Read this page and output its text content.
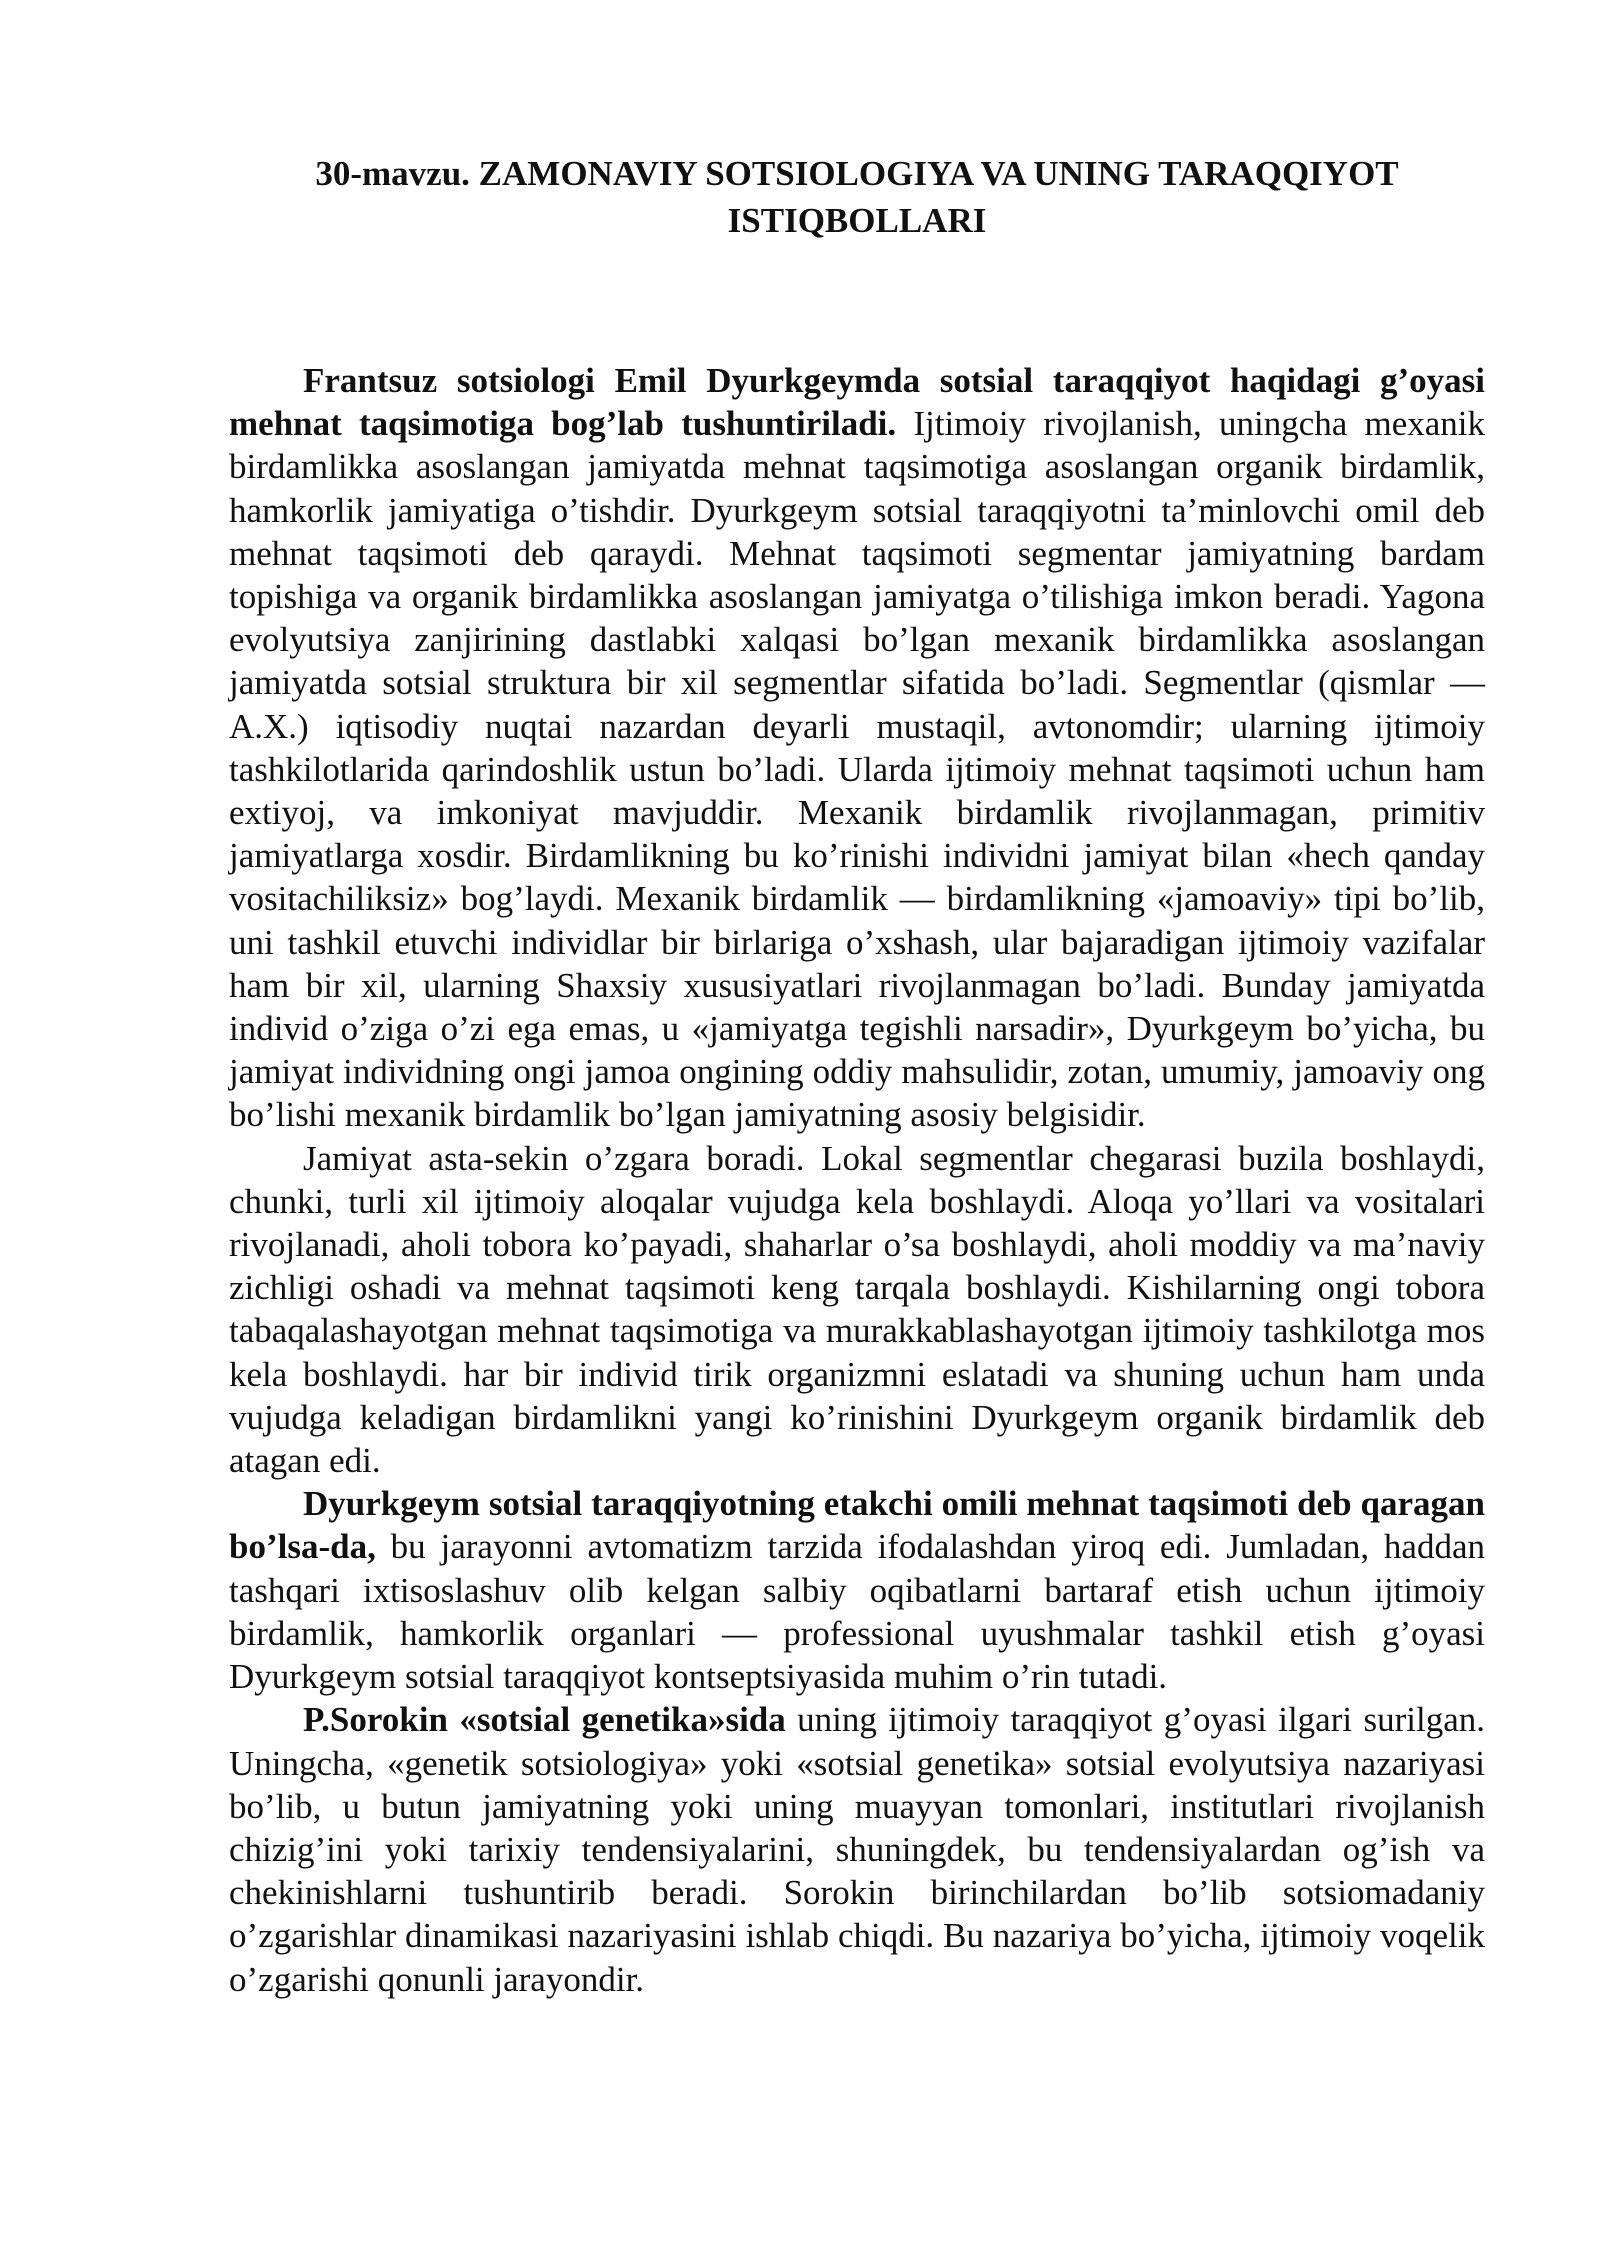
30-mavzu. ZAMONAVIY SOTSIOLOGIYA VA UNING TARAQQIYOT
ISTIQBOLLARI

Frantsuz sotsiologi Emil Dyurkgeymda sotsial taraqqiyot haqidagi g’oyasi mehnat taqsimotiga bog’lab tushuntiriladi. Ijtimoiy rivojlanish, uningcha mexanik birdamlikka asoslangan jamiyatda mehnat taqsimotiga asoslangan organik birdamlik, hamkorlik jamiyatiga o’tishdir. Dyurkgeym sotsial taraqqiyotni ta’minlovchi omil deb mehnat taqsimoti deb qaraydi. Mehnat taqsimoti segmentar jamiyatning bardam topishiga va organik birdamlikka asoslangan jamiyatga o’tilishiga imkon beradi. Yagona evolyutsiya zanjirining dastlabki xalqasi bo’lgan mexanik birdamlikka asoslangan jamiyatda sotsial struktura bir xil segmentlar sifatida bo’ladi. Segmentlar (qismlar — A.X.) iqtisodiy nuqtai nazardan deyarli mustaqil, avtonomdir; ularning ijtimoiy tashkilotlarida qarindoshlik ustun bo’ladi. Ularda ijtimoiy mehnat taqsimoti uchun ham extiyoj, va imkoniyat mavjuddir. Mexanik birdamlik rivojlanmagan, primitiv jamiyatlarga xosdir. Birdamlikning bu ko’rinishi individni jamiyat bilan «hech qanday vositachiliksiz» bog’laydi. Mexanik birdamlik — birdamlikning «jamoaviy» tipi bo’lib, uni tashkil etuvchi individlar bir birlariga o’xshash, ular bajaradigan ijtimoiy vazifalar ham bir xil, ularning Shaxsiy xususiyatlari rivojlanmagan bo’ladi. Bunday jamiyatda individ o’ziga o’zi ega emas, u «jamiyatga tegishli narsadir», Dyurkgeym bo’yicha, bu jamiyat individning ongi jamoa ongining oddiy mahsulidir, zotan, umumiy, jamoaviy ong bo’lishi mexanik birdamlik bo’lgan jamiyatning asosiy belgisidir.

Jamiyat asta-sekin o’zgara boradi. Lokal segmentlar chegarasi buzila boshlaydi, chunki, turli xil ijtimoiy aloqalar vujudga kela boshlaydi. Aloqa yo’llari va vositalari rivojlanadi, aholi tobora ko’payadi, shaharlar o’sa boshlaydi, aholi moddiy va ma’naviy zichligi oshadi va mehnat taqsimoti keng tarqala boshlaydi. Kishilarning ongi tobora tabaqalashayotgan mehnat taqsimotiga va murakkablashayotgan ijtimoiy tashkilotga mos kela boshlaydi. har bir individ tirik organizmni eslatadi va shuning uchun ham unda vujudga keladigan birdamlikni yangi ko’rinishini Dyurkgeym organik birdamlik deb atagan edi.

Dyurkgeym sotsial taraqqiyotning etakchi omili mehnat taqsimoti deb qaragan bo’lsa-da, bu jarayonni avtomatizm tarzida ifodalashdan yiroq edi. Jumladan, haddan tashqari ixtisoslashuv olib kelgan salbiy oqibatlarni bartaraf etish uchun ijtimoiy birdamlik, hamkorlik organlari — professional uyushmalar tashkil etish g’oyasi Dyurkgeym sotsial taraqqiyot kontseptsiyasida muhim o’rin tutadi.

P.Sorokin «sotsial genetika»sida uning ijtimoiy taraqqiyot g’oyasi ilgari surilgan. Uningcha, «genetik sotsiologiya» yoki «sotsial genetika» sotsial evolyutsiya nazariyasi bo’lib, u butun jamiyatning yoki uning muayyan tomonlari, institutlari rivojlanish chizig’ini yoki tarixiy tendensiyalarini, shuningdek, bu tendensiyalardan og’ish va chekinishlarni tushuntirib beradi. Sorokin birinchilardan bo’lib sotsiomadaniy o’zgarishlar dinamikasi nazariyasini ishlab chiqdi. Bu nazariya bo’yicha, ijtimoiy voqelik o’zgarishi qonunli jarayondir.
